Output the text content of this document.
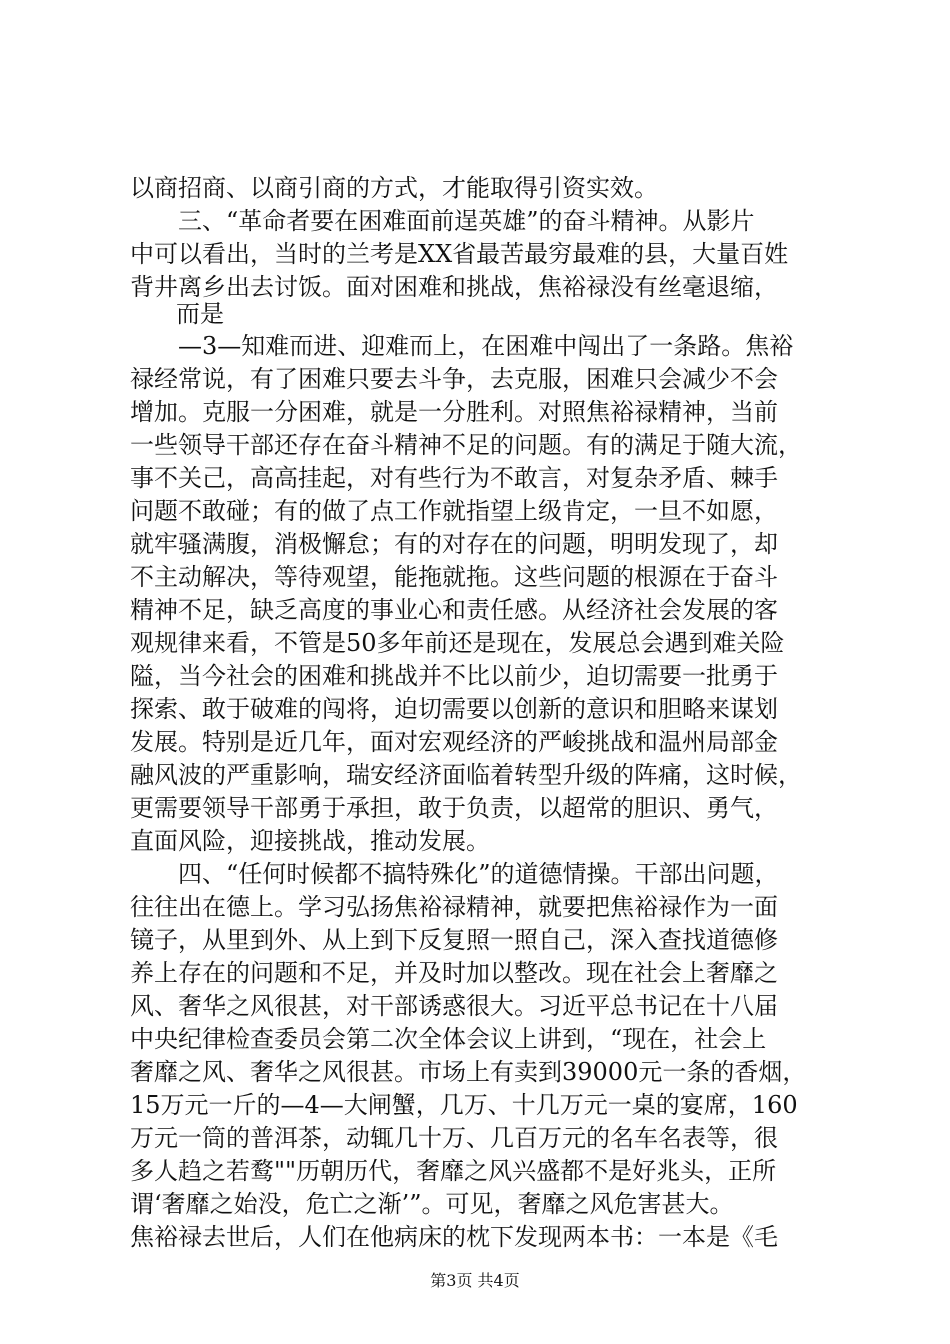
以商招商、以商引商的方式，才能取得引资实效。
三、“革命者要在困难面前逞英雄”的奋斗精神。从影片
中可以看出，当时的兰考是XX省最苦最穷最难的县，大量百姓
背井离乡出去讨饭。面对困难和挑战，焦裕禄没有丝毫退缩，
而是
—3—知难而进、迎难而上，在困难中闯出了一条路。焦裕
禄经常说，有了困难只要去斗争，去克服，困难只会减少不会
增加。克服一分困难，就是一分胜利。对照焦裕禄精神，当前
一些领导干部还存在奋斗精神不足的问题。有的满足于随大流，
事不关己，高高挂起，对有些行为不敢言，对复杂矛盾、棘手
问题不敢碰；有的做了点工作就指望上级肯定，一旦不如愿，
就牢骚满腹，消极懈怠；有的对存在的问题，明明发现了，却
不主动解决，等待观望，能拖就拖。这些问题的根源在于奋斗
精神不足，缺乏高度的事业心和责任感。从经济社会发展的客
观规律来看，不管是50多年前还是现在，发展总会遇到难关险
隘，当今社会的困难和挑战并不比以前少，迫切需要一批勇于
探索、敢于破难的闯将，迫切需要以创新的意识和胆略来谋划
发展。特别是近几年，面对宏观经济的严峻挑战和温州局部金
融风波的严重影响，瑞安经济面临着转型升级的阵痛，这时候，
更需要领导干部勇于承担，敢于负责，以超常的胆识、勇气，
直面风险，迎接挑战，推动发展。
四、“任何时候都不搞特殊化”的道德情操。干部出问题，
往往出在德上。学习弘扬焦裕禄精神，就要把焦裕禄作为一面
镜子，从里到外、从上到下反复照一照自己，深入查找道德修
养上存在的问题和不足，并及时加以整改。现在社会上奢靡之
风、奢华之风很甚，对干部诱惑很大。习近平总书记在十八届
中央纪律检查委员会第二次全体会议上讲到，“现在，社会上
奢靡之风、奢华之风很甚。市场上有卖到39000元一条的香烟，
15万元一斤的—4—大闸蟹，几万、十几万元一桌的宴席，160
万元一筒的普洱茶，动辄几十万、几百万元的名车名表等，很
多人趋之若鹜""历朝历代，奢靡之风兴盛都不是好兆头，正所
谓‘奢靡之始没，危亡之渐’”。可见，奢靡之风危害甚大。
焦裕禄去世后，人们在他病床的枕下发现两本书：一本是《毛
第3页 共4页
